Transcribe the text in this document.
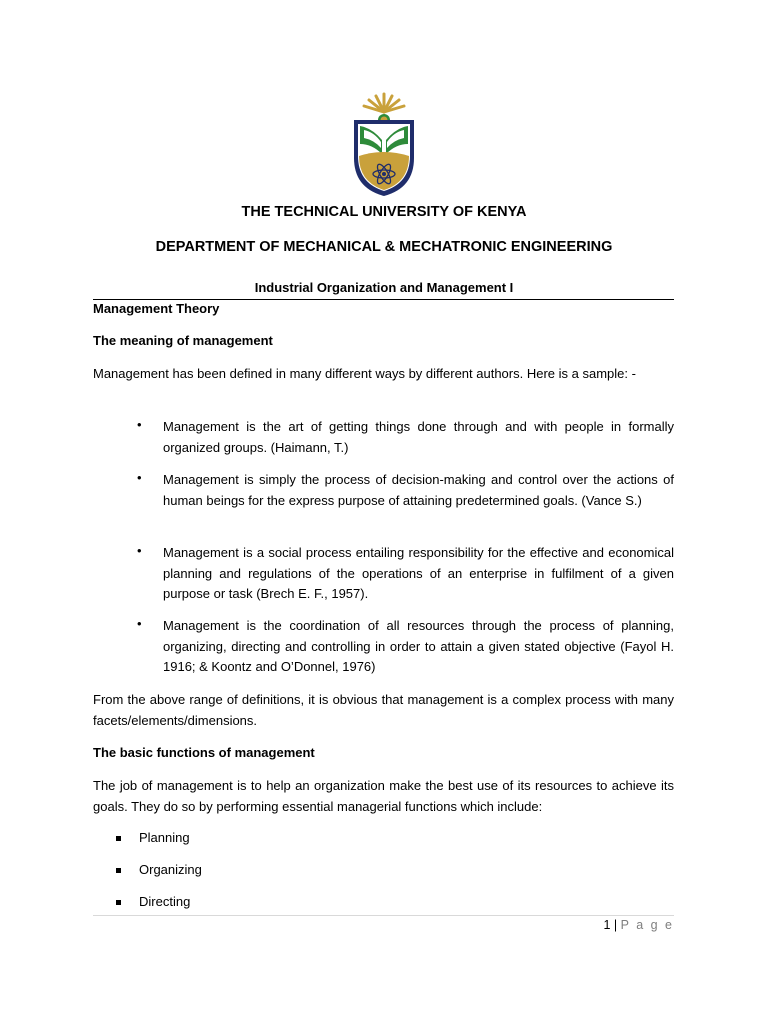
THE TECHNICAL UNIVERSITY OF KENYA
DEPARTMENT OF MECHANICAL & MECHATRONIC ENGINEERING
Industrial Organization and Management I
Management Theory
The meaning of management
Management has been defined in many different ways by different authors. Here is a sample: -
• Management is the art of getting things done through and with people in formally organized groups. (Haimann, T.)
• Management is simply the process of decision-making and control over the actions of human beings for the express purpose of attaining predetermined goals. (Vance S.)
• Management is a social process entailing responsibility for the effective and economical planning and regulations of the operations of an enterprise in fulfilment of a given purpose or task (Brech E. F., 1957).
• Management is the coordination of all resources through the process of planning, organizing, directing and controlling in order to attain a given stated objective (Fayol H. 1916; & Koontz and O’Donnel, 1976)
From the above range of definitions, it is obvious that management is a complex process with many facets/elements/dimensions.
The basic functions of management
The job of management is to help an organization make the best use of its resources to achieve its goals. They do so by performing essential managerial functions which include:
Planning
Organizing
Directing
1 | P a g e
